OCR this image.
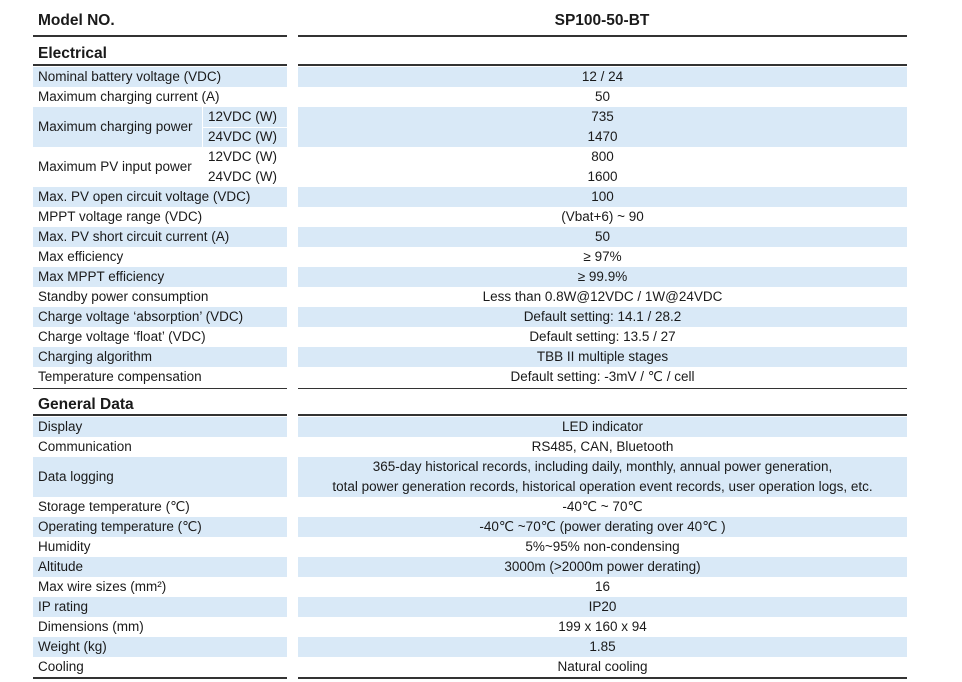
Model NO.	SP100-50-BT
Electrical
Nominal battery voltage (VDC)	12 / 24
Maximum charging current (A)	50
Maximum charging power
12VDC (W)	735
24VDC (W)	1470
Maximum PV input power
12VDC (W)	800
24VDC (W)	1600
Max. PV open circuit voltage (VDC)	100
MPPT voltage range (VDC)	(Vbat+6) ~ 90
Max. PV short circuit current (A)	50
Max efficiency	≥ 97%
Max MPPT efficiency	≥ 99.9%
Standby power consumption	Less than 0.8W@12VDC / 1W@24VDC
Charge voltage ‘absorption’ (VDC)	Default setting: 14.1 / 28.2
Charge voltage ‘float’ (VDC)	Default setting: 13.5 / 27
Charging algorithm	TBB II multiple stages
Temperature compensation	Default setting: -3mV / ℃ / cell
General Data
Display	LED indicator
Communication	RS485, CAN, Bluetooth
Data logging
365-day historical records, including daily, monthly, annual power generation,
total power generation records, historical operation event records, user operation logs, etc.
Storage temperature (℃)	-40℃ ~ 70℃
Operating temperature (℃)	-40℃ ~70℃ (power derating over 40℃ )
Humidity	5%~95% non-condensing
Altitude	3000m (>2000m power derating)
Max wire sizes (mm²)	16
IP rating	IP20
Dimensions (mm)	199 x 160 x 94
Weight (kg)	1.85
Cooling	Natural cooling
